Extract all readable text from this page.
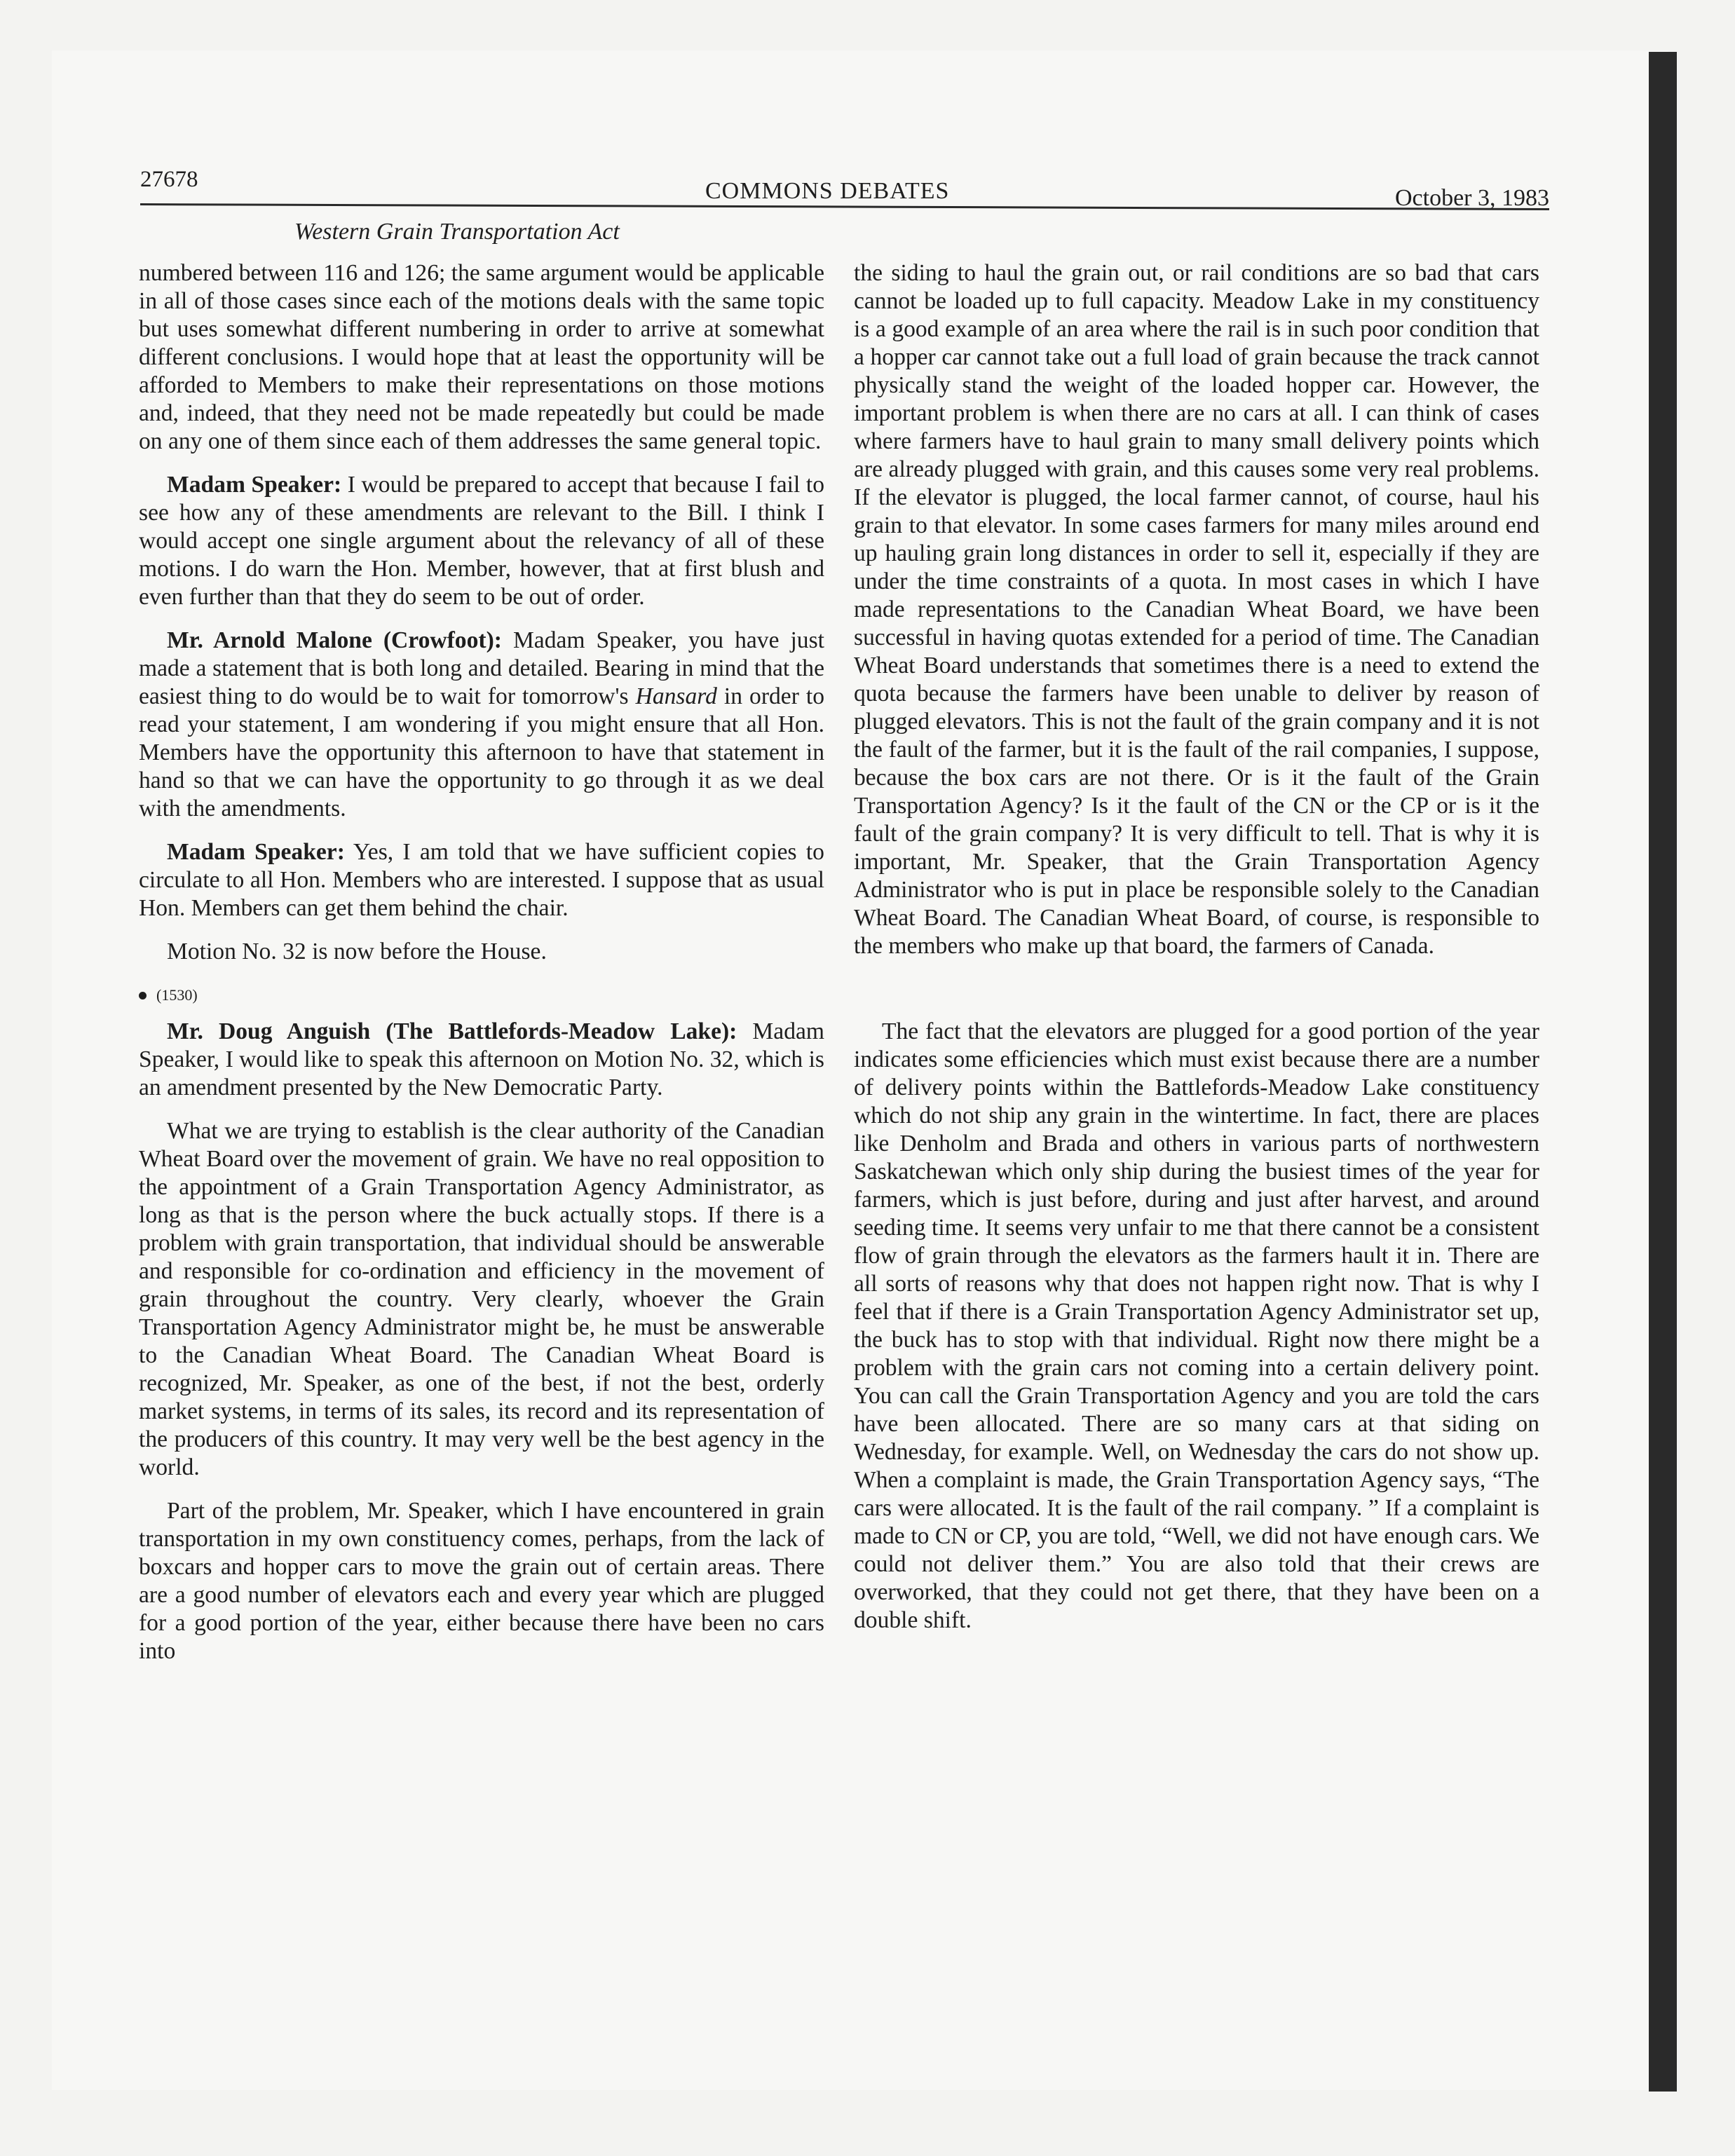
27678	COMMONS DEBATES	October 3, 1983
Western Grain Transportation Act

numbered between 116 and 126; the same argument would be applicable in all of those cases since each of the motions deals with the same topic but uses somewhat different numbering in order to arrive at somewhat different conclusions. I would hope that at least the opportunity will be afforded to Members to make their representations on those motions and, indeed, that they need not be made repeatedly but could be made on any one of them since each of them addresses the same general topic.

Madam Speaker: I would be prepared to accept that because I fail to see how any of these amendments are relevant to the Bill. I think I would accept one single argument about the relevancy of all of these motions. I do warn the Hon. Member, however, that at first blush and even further than that they do seem to be out of order.

Mr. Arnold Malone (Crowfoot): Madam Speaker, you have just made a statement that is both long and detailed. Bearing in mind that the easiest thing to do would be to wait for tomorrow's Hansard in order to read your statement, I am wondering if you might ensure that all Hon. Members have the opportunity this afternoon to have that statement in hand so that we can have the opportunity to go through it as we deal with the amendments.

Madam Speaker: Yes, I am told that we have sufficient copies to circulate to all Hon. Members who are interested. I suppose that as usual Hon. Members can get them behind the chair.

Motion No. 32 is now before the House.

(1530)

Mr. Doug Anguish (The Battlefords-Meadow Lake): Madam Speaker, I would like to speak this afternoon on Motion No. 32, which is an amendment presented by the New Democratic Party.

What we are trying to establish is the clear authority of the Canadian Wheat Board over the movement of grain. We have no real opposition to the appointment of a Grain Transportation Agency Administrator, as long as that is the person where the buck actually stops. If there is a problem with grain transportation, that individual should be answerable and responsible for co-ordination and efficiency in the movement of grain throughout the country. Very clearly, whoever the Grain Transportation Agency Administrator might be, he must be answerable to the Canadian Wheat Board. The Canadian Wheat Board is recognized, Mr. Speaker, as one of the best, if not the best, orderly market systems, in terms of its sales, its record and its representation of the producers of this country. It may very well be the best agency in the world.

Part of the problem, Mr. Speaker, which I have encountered in grain transportation in my own constituency comes, perhaps, from the lack of boxcars and hopper cars to move the grain out of certain areas. There are a good number of elevators each and every year which are plugged for a good portion of the year, either because there have been no cars into

the siding to haul the grain out, or rail conditions are so bad that cars cannot be loaded up to full capacity. Meadow Lake in my constituency is a good example of an area where the rail is in such poor condition that a hopper car cannot take out a full load of grain because the track cannot physically stand the weight of the loaded hopper car. However, the important problem is when there are no cars at all. I can think of cases where farmers have to haul grain to many small delivery points which are already plugged with grain, and this causes some very real problems. If the elevator is plugged, the local farmer cannot, of course, haul his grain to that elevator. In some cases farmers for many miles around end up hauling grain long distances in order to sell it, especially if they are under the time constraints of a quota. In most cases in which I have made representations to the Canadian Wheat Board, we have been successful in having quotas extended for a period of time. The Canadian Wheat Board understands that sometimes there is a need to extend the quota because the farmers have been unable to deliver by reason of plugged elevators. This is not the fault of the grain company and it is not the fault of the farmer, but it is the fault of the rail companies, I suppose, because the box cars are not there. Or is it the fault of the Grain Transportation Agency? Is it the fault of the CN or the CP or is it the fault of the grain company? It is very difficult to tell. That is why it is important, Mr. Speaker, that the Grain Transportation Agency Administrator who is put in place be responsible solely to the Canadian Wheat Board. The Canadian Wheat Board, of course, is responsible to the members who make up that board, the farmers of Canada.

The fact that the elevators are plugged for a good portion of the year indicates some efficiencies which must exist because there are a number of delivery points within the Battlefords-Meadow Lake constituency which do not ship any grain in the wintertime. In fact, there are places like Denholm and Brada and others in various parts of northwestern Saskatchewan which only ship during the busiest times of the year for farmers, which is just before, during and just after harvest, and around seeding time. It seems very unfair to me that there cannot be a consistent flow of grain through the elevators as the farmers hault it in. There are all sorts of reasons why that does not happen right now. That is why I feel that if there is a Grain Transportation Agency Administrator set up, the buck has to stop with that individual. Right now there might be a problem with the grain cars not coming into a certain delivery point. You can call the Grain Transportation Agency and you are told the cars have been allocated. There are so many cars at that siding on Wednesday, for example. Well, on Wednesday the cars do not show up. When a complaint is made, the Grain Transportation Agency says, “The cars were allocated. It is the fault of the rail company. ” If a complaint is made to CN or CP, you are told, “Well, we did not have enough cars. We could not deliver them.” You are also told that their crews are overworked, that they could not get there, that they have been on a double shift.
